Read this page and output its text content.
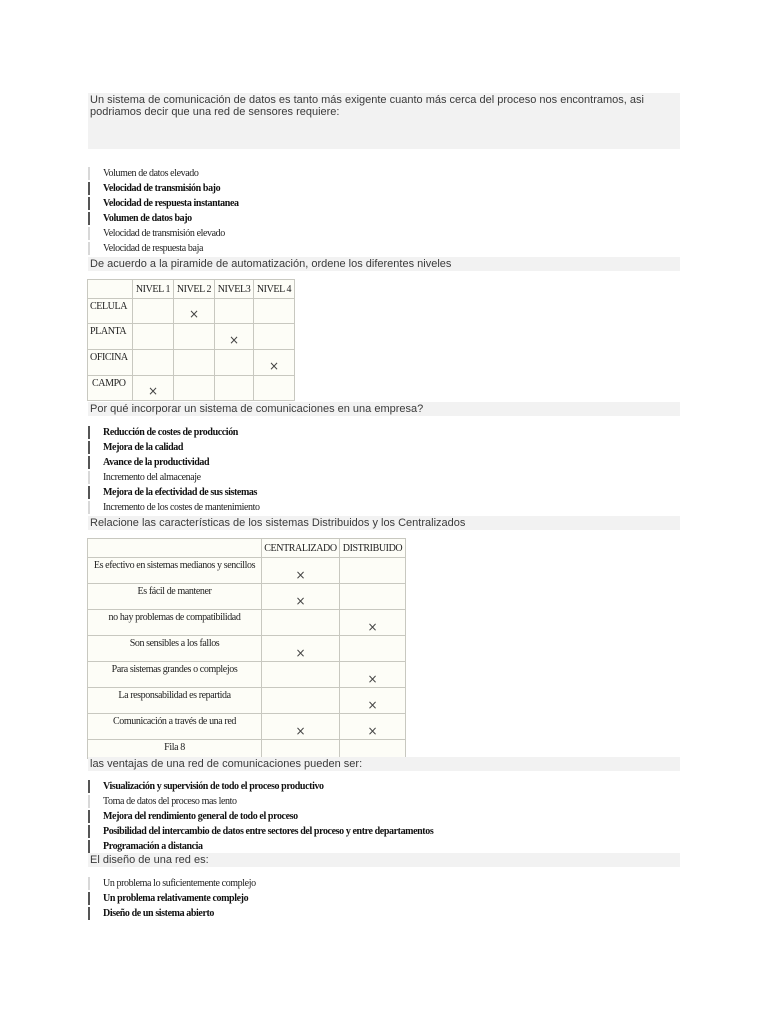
Un sistema de comunicación de datos es tanto más exigente cuanto más cerca del proceso nos encontramos, asi podriamos decir que una red de sensores requiere:
Volumen de datos elevado
Velocidad de transmisión bajo
Velocidad de respuesta instantanea
Volumen de datos bajo
Velocidad de transmisión elevado
Velocidad de respuesta baja
De acuerdo a la piramide de automatización, ordene los diferentes niveles
	NIVEL 1	NIVEL 2	NIVEL3	NIVEL 4
CELULA		×		
PLANTA			×	
OFICINA				×
CAMPO	×			
Por qué incorporar un sistema de comunicaciones en una empresa?
Reducción de costes de producción
Mejora de la calidad
Avance de la productividad
Incremento del almacenaje
Mejora de la efectividad de sus sistemas
Incremento de los costes de mantenimiento
Relacione las características de los sistemas Distribuidos y los Centralizados
	CENTRALIZADO	DISTRIBUIDO
Es efectivo en sistemas medianos y sencillos	×	
Es fácil de mantener	×	
no hay problemas de compatibilidad		×
Son sensibles a los fallos	×	
Para sistemas grandes o complejos		×
La responsabilidad es repartida		×
Comunicación a través de una red	×	×
Fila 8		
las ventajas de una red de comunicaciones pueden ser:
Visualización y supervisión de todo el proceso productivo
Toma de datos del proceso mas lento
Mejora del rendimiento general de todo el proceso
Posibilidad del intercambio de datos entre sectores del proceso y entre departamentos
Programación a distancia
El diseño de una red es:
Un problema lo suficientemente complejo
Un problema relativamente complejo
Diseño de un sistema abierto
